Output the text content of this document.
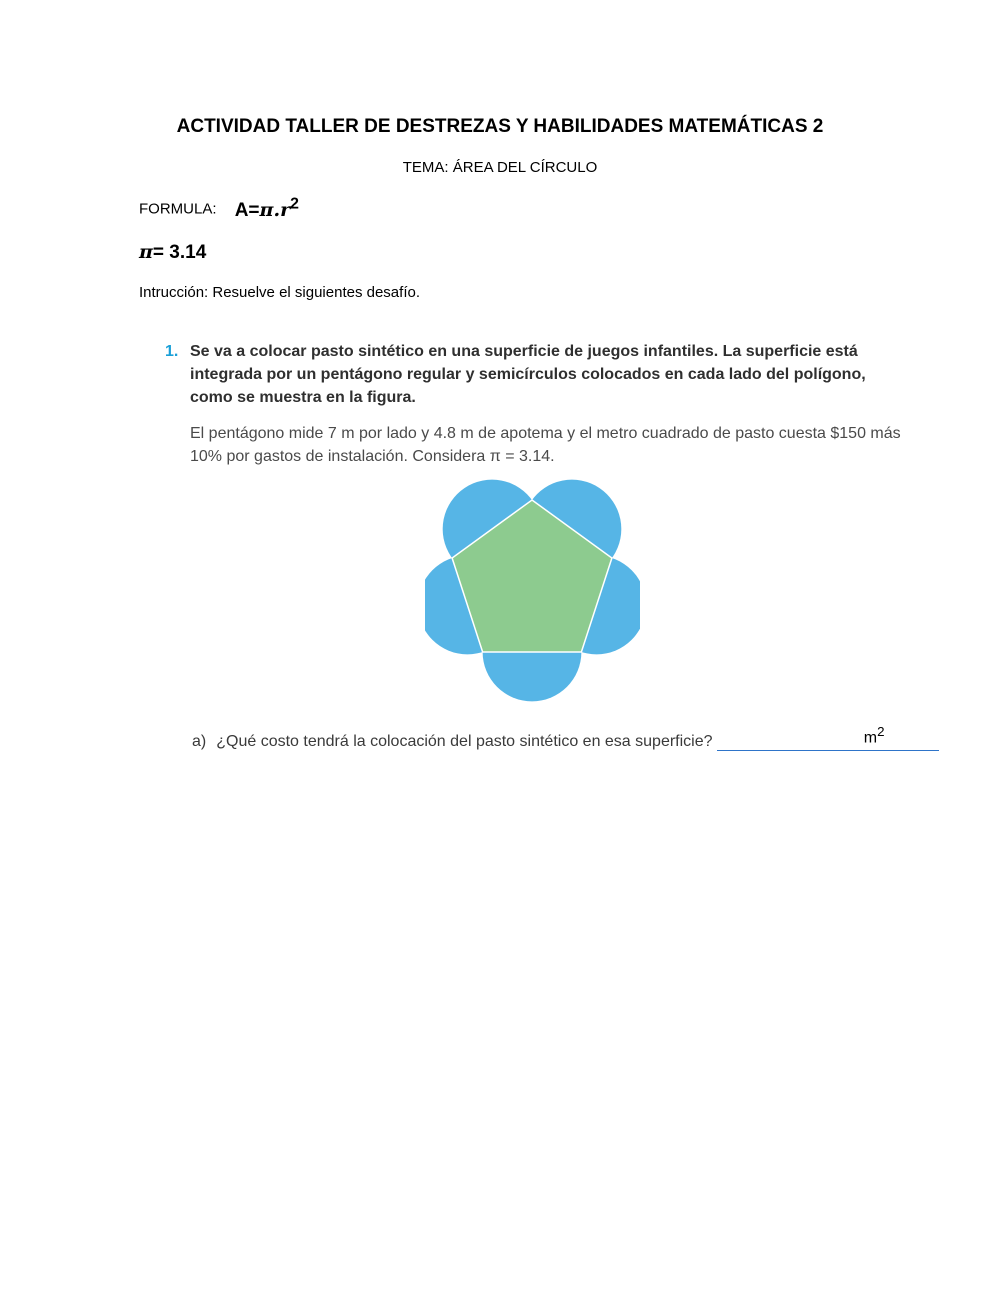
ACTIVIDAD TALLER DE DESTREZAS Y HABILIDADES MATEMÁTICAS 2
TEMA: ÁREA DEL CÍRCULO
FORMULA: $A=\pi.r^2$
π= 3.14
Intrucción: Resuelve el siguientes desafío.
1. Se va a colocar pasto sintético en una superficie de juegos infantiles. La superficie está integrada por un pentágono regular y semicírculos colocados en cada lado del polígono, como se muestra en la figura.
El pentágono mide 7 m por lado y 4.8 m de apotema y el metro cuadrado de pasto cuesta $150 más 10% por gastos de instalación. Considera π = 3.14.
a) ¿Qué costo tendrá la colocación del pasto sintético en esa superficie?	$m^2$
